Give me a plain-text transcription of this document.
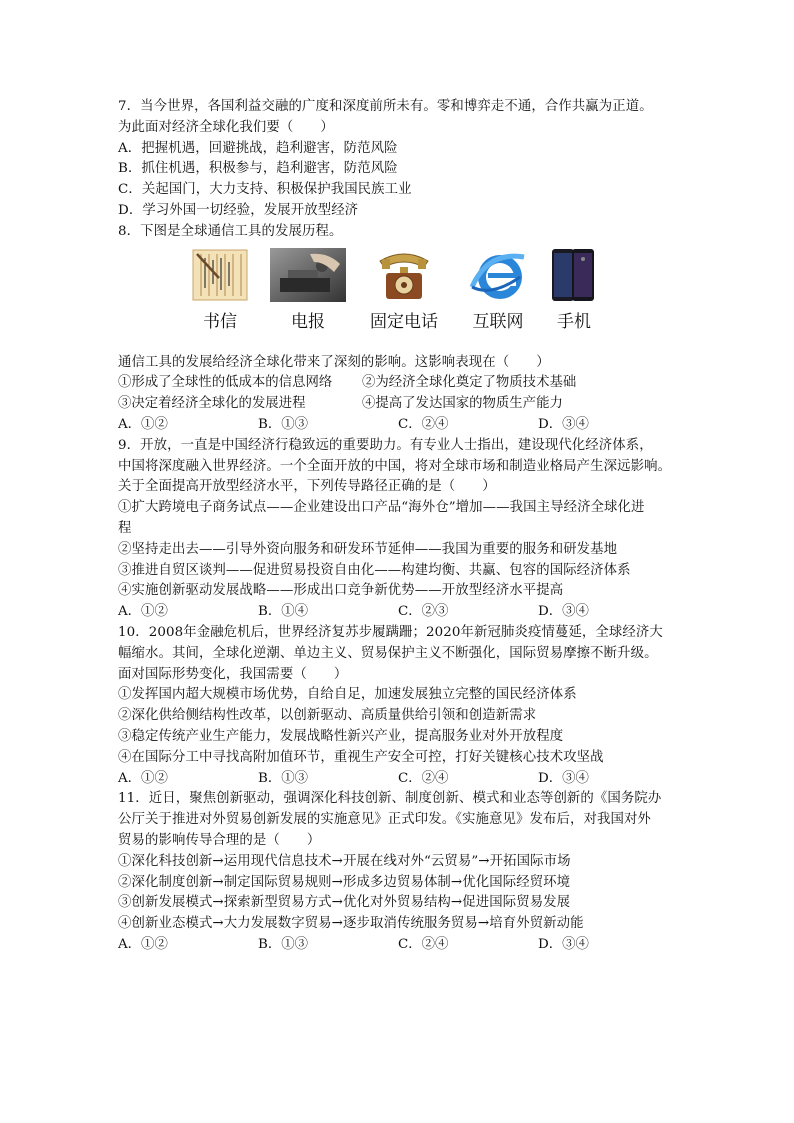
7．当今世界，各国利益交融的广度和深度前所未有。零和博弈走不通，合作共赢为正道。
为此面对经济全球化我们要（　　）
A．把握机遇，回避挑战，趋利避害，防范风险
B．抓住机遇，积极参与，趋利避害，防范风险
C．关起国门，大力支持、积极保护我国民族工业
D．学习外国一切经验，发展开放型经济
8．下图是全球通信工具的发展历程。
书信	电报	固定电话	互联网	手机
通信工具的发展给经济全球化带来了深刻的影响。这影响表现在（　　）
①形成了全球性的低成本的信息网络	②为经济全球化奠定了物质技术基础
③决定着经济全球化的发展进程	④提高了发达国家的物质生产能力
A．①②	B．①③	C．②④	D．③④
9．开放，一直是中国经济行稳致远的重要助力。有专业人士指出，建设现代化经济体系，
中国将深度融入世界经济。一个全面开放的中国，将对全球市场和制造业格局产生深远影响。
关于全面提高开放型经济水平，下列传导路径正确的是（　　）
①扩大跨境电子商务试点——企业建设出口产品“海外仓”增加——我国主导经济全球化进
程
②坚持走出去——引导外资向服务和研发环节延伸——我国为重要的服务和研发基地
③推进自贸区谈判——促进贸易投资自由化——构建均衡、共赢、包容的国际经济体系
④实施创新驱动发展战略——形成出口竞争新优势——开放型经济水平提高
A．①②	B．①④	C．②③	D．③④
10．2008年金融危机后，世界经济复苏步履蹒跚；2020年新冠肺炎疫情蔓延，全球经济大
幅缩水。其间，全球化逆潮、单边主义、贸易保护主义不断强化，国际贸易摩擦不断升级。
面对国际形势变化，我国需要（　　）
①发挥国内超大规模市场优势，自给自足，加速发展独立完整的国民经济体系
②深化供给侧结构性改革，以创新驱动、高质量供给引领和创造新需求
③稳定传统产业生产能力，发展战略性新兴产业，提高服务业对外开放程度
④在国际分工中寻找高附加值环节，重视生产安全可控，打好关键核心技术攻坚战
A．①②	B．①③	C．②④	D．③④
11．近日，聚焦创新驱动，强调深化科技创新、制度创新、模式和业态等创新的《国务院办
公厅关于推进对外贸易创新发展的实施意见》正式印发。《实施意见》发布后，对我国对外
贸易的影响传导合理的是（　　）
①深化科技创新→运用现代信息技术→开展在线对外“云贸易”→开拓国际市场
②深化制度创新→制定国际贸易规则→形成多边贸易体制→优化国际经贸环境
③创新发展模式→探索新型贸易方式→优化对外贸易结构→促进国际贸易发展
④创新业态模式→大力发展数字贸易→逐步取消传统服务贸易→培育外贸新动能
A．①②	B．①③	C．②④	D．③④
